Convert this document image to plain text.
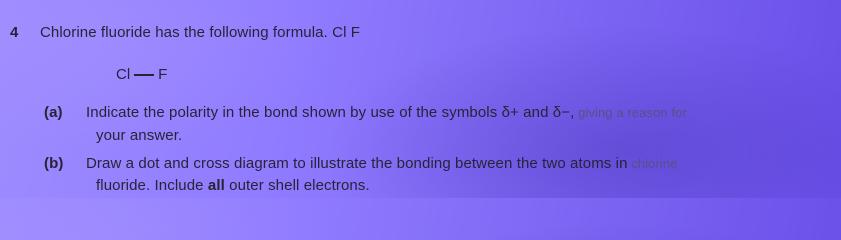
4 Chlorine fluoride has the following formula. Cl F
Cl F
(a) Indicate the polarity in the bond shown by use of the symbols δ+ and δ−, giving a reason for
your answer.
(b) Draw a dot and cross diagram to illustrate the bonding between the two atoms in chlorine
fluoride. Include all outer shell electrons.
